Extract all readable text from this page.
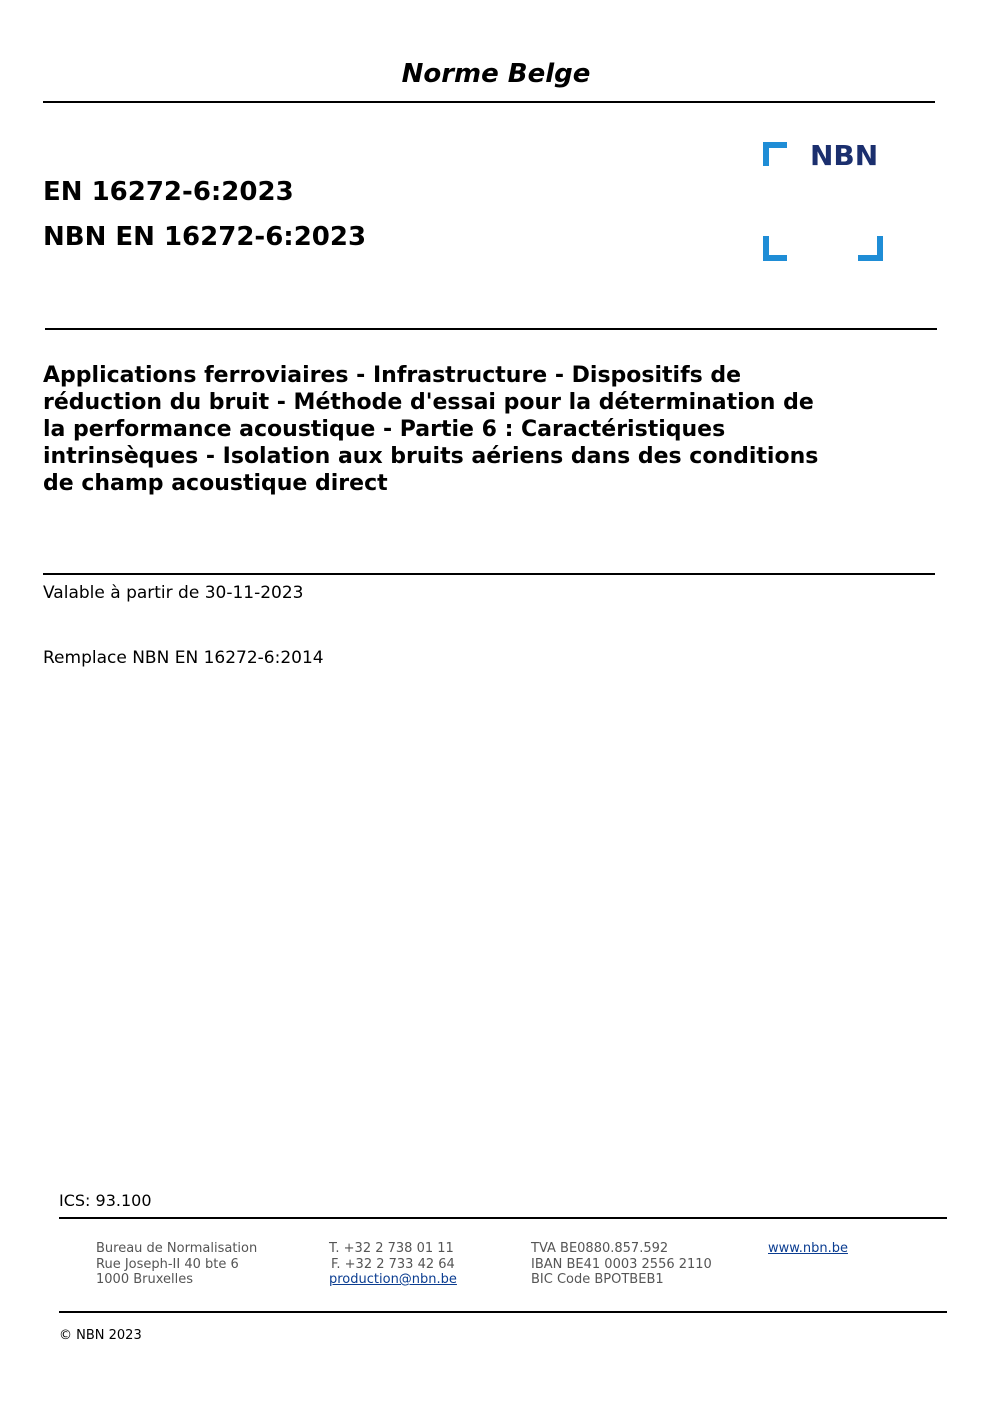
Norme Belge
EN 16272-6:2023
NBN EN 16272-6:2023
NBN
Applications ferroviaires - Infrastructure - Dispositifs de
réduction du bruit - Méthode d'essai pour la détermination de
la performance acoustique - Partie 6 : Caractéristiques
intrinsèques - Isolation aux bruits aériens dans des conditions
de champ acoustique direct
Valable à partir de 30-11-2023
Remplace NBN EN 16272-6:2014
ICS: 93.100
Bureau de Normalisation
Rue Joseph-II 40 bte 6
1000 Bruxelles
T. +32 2 738 01 11
F. +32 2 733 42 64
production@nbn.be
TVA BE0880.857.592
IBAN BE41 0003 2556 2110
BIC Code BPOTBEB1
www.nbn.be
© NBN 2023
